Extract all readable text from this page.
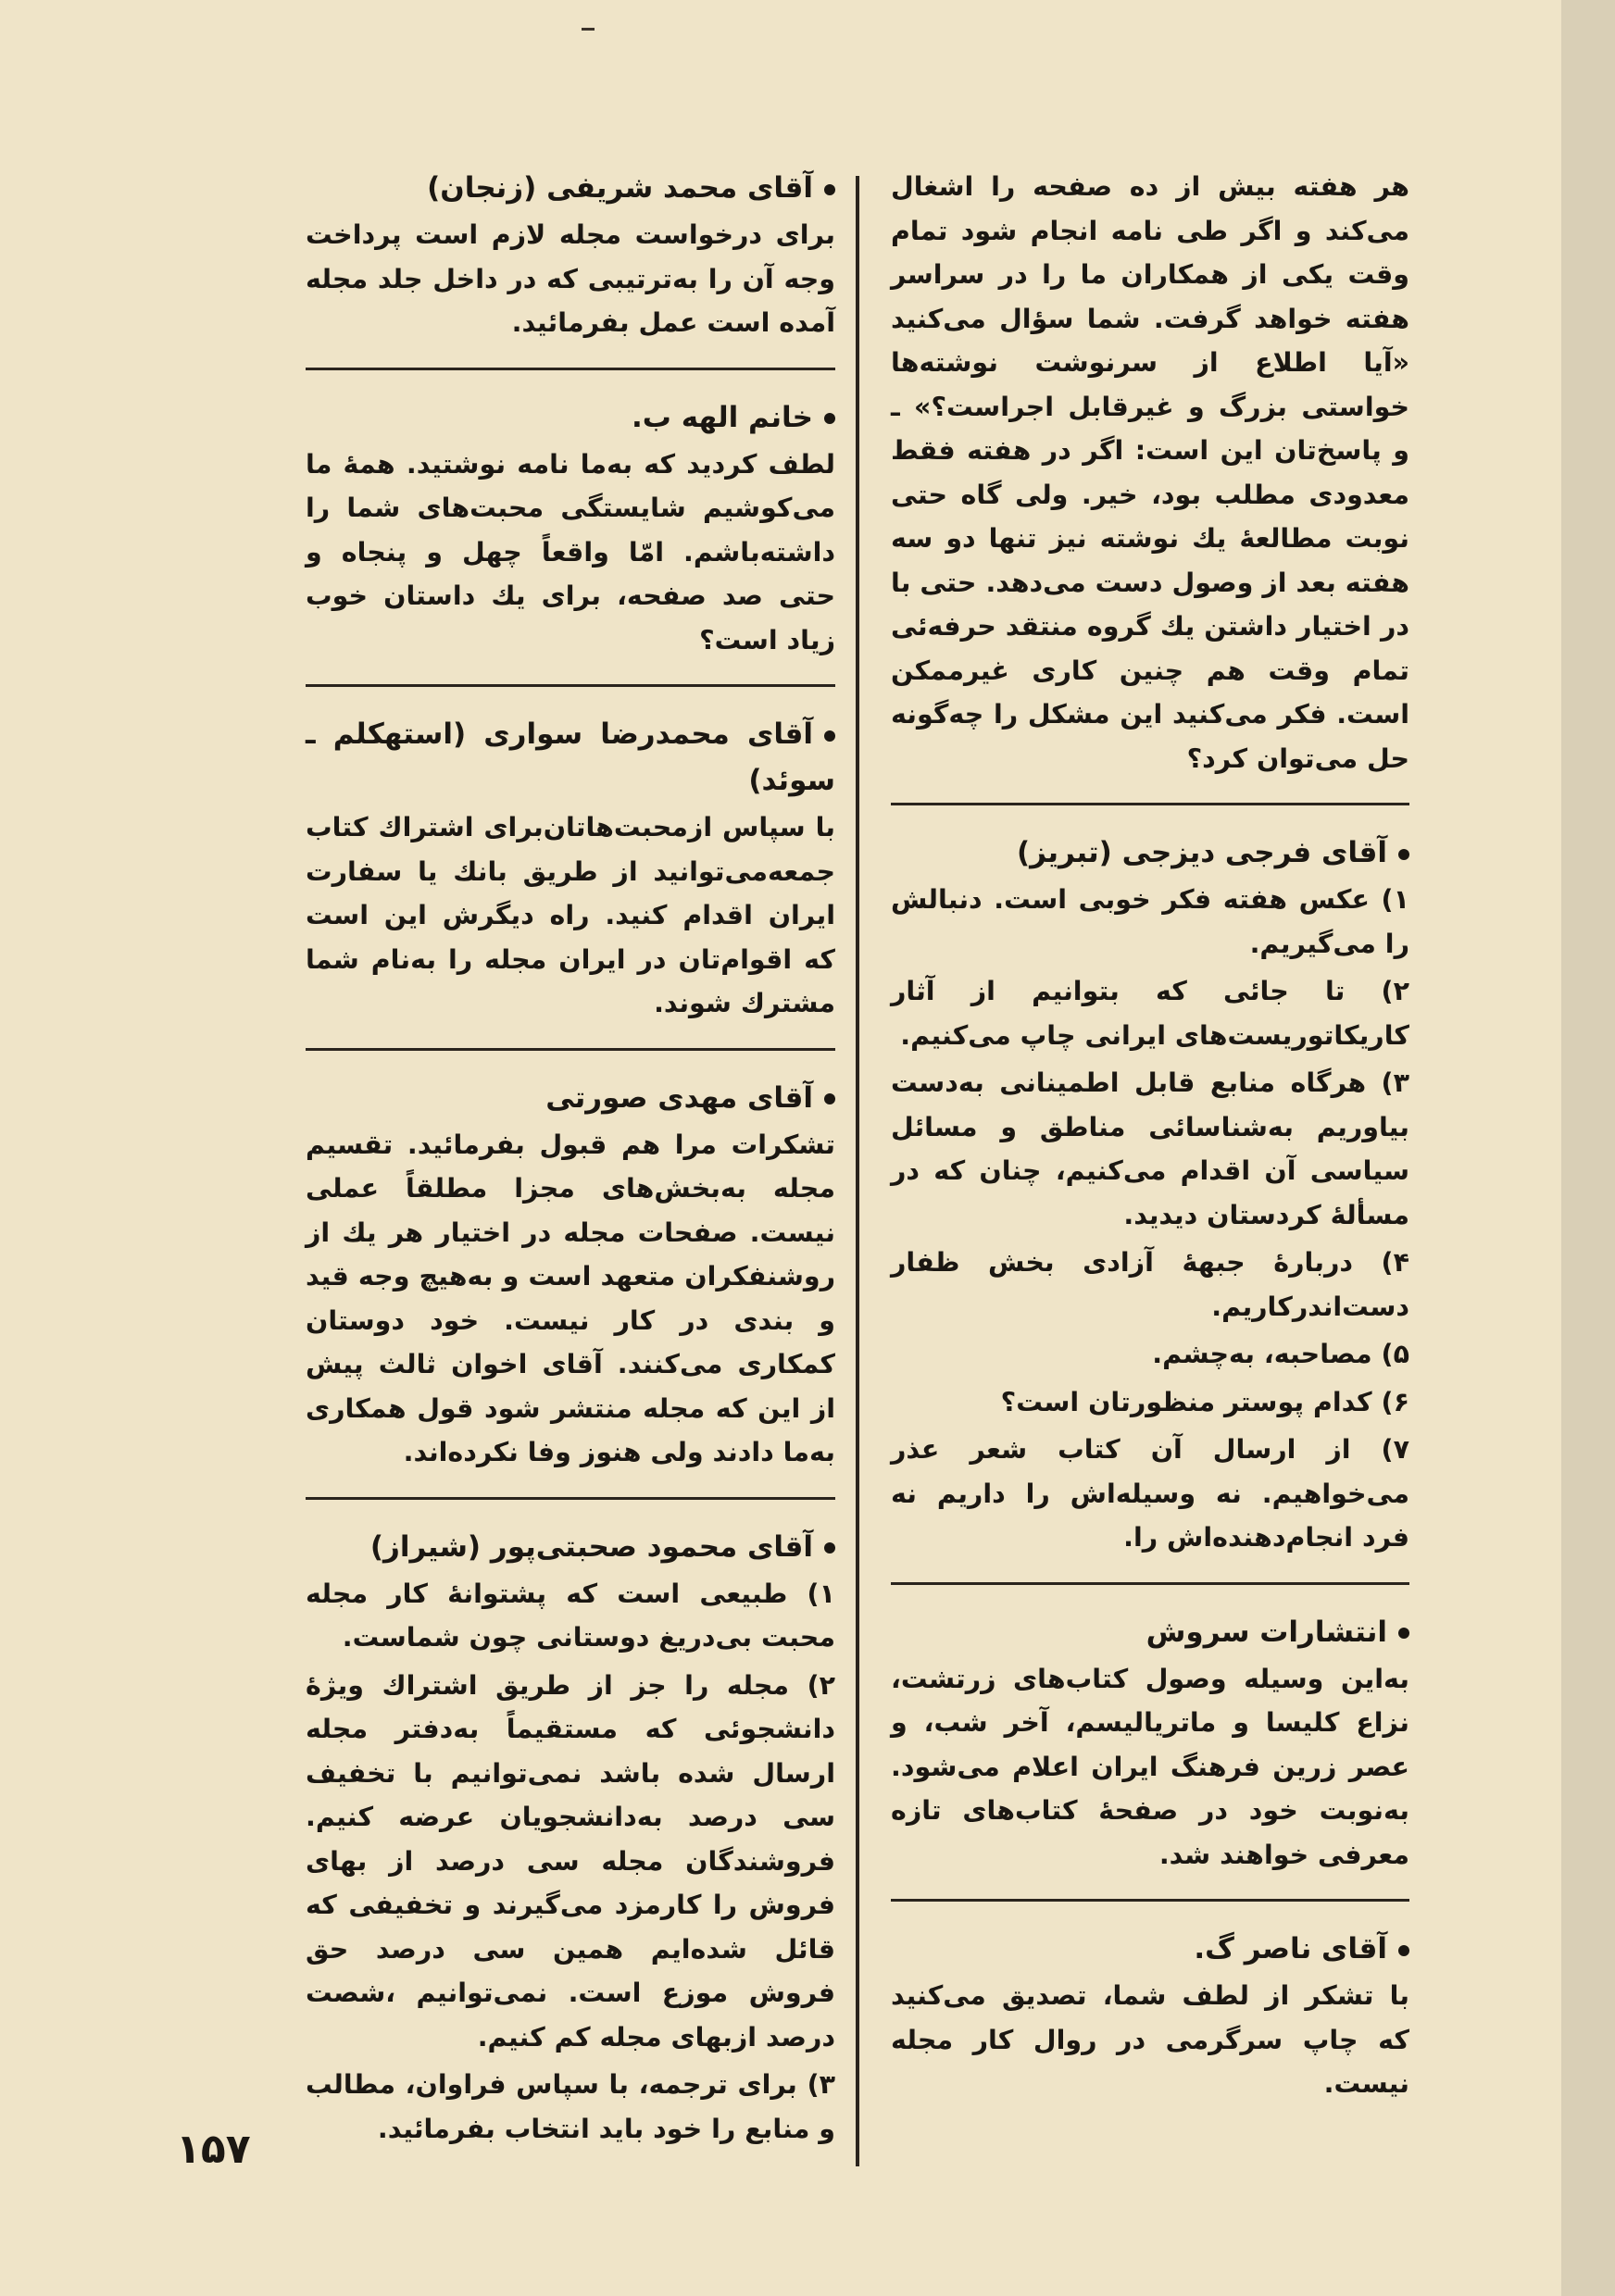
هر هفته بیش از ده صفحه را اشغال می‌کند و اگر طی نامه انجام شود تمام وقت یکی از همکاران ما را در سراسر هفته خواهد گرفت. شما سؤال می‌کنید «آیا اطلاع از سرنوشت نوشته‌ها خواستی بزرگ و غیرقابل اجراست؟» ـ و پاسخ‌تان این است: اگر در هفته فقط معدودی مطلب بود، خیر. ولی گاه حتی نوبت مطالعهٔ یك نوشته نیز تنها دو سه هفته بعد از وصول دست می‌دهد. حتی با در اختیار داشتن یك گروه منتقد حرفه‌ئی تمام وقت هم چنین کاری غیرممکن است. فکر می‌کنید این مشکل را چه‌گونه حل می‌توان کرد؟

آقای فرجی دیزجی (تبریز)

۱) عکس هفته فکر خوبی است. دنبالش را می‌گیریم.

۲) تا جائی که بتوانیم از آثار کاریکاتوریست‌های ایرانی چاپ می‌کنیم.

۳) هرگاه منابع قابل اطمینانی به‌دست بیاوریم به‌شناسائی مناطق و مسائل سیاسی آن اقدام می‌کنیم، چنان که در مسألهٔ کردستان دیدید.

۴) دربارهٔ جبههٔ آزادی بخش ظفار دست‌اندرکاریم.

۵) مصاحبه، به‌چشم.

۶) کدام پوستر منظورتان است؟

۷) از ارسال آن کتاب شعر عذر می‌خواهیم. نه وسیله‌اش را داریم نه فرد انجام‌دهنده‌اش را.

انتشارات سروش

به‌این وسیله وصول کتاب‌های زرتشت، نزاع کلیسا و ماتریالیسم، آخر شب، و عصر زرین فرهنگ ایران اعلام می‌شود. به‌نوبت خود در صفحهٔ کتاب‌های تازه معرفی خواهند شد.

آقای ناصر گ.

با تشکر از لطف شما، تصدیق می‌کنید که چاپ سرگرمی در روال کار مجله نیست.

آقای محمد شریفی (زنجان)

برای درخواست مجله لازم است پرداخت وجه آن را به‌ترتیبی که در داخل جلد مجله آمده است عمل بفرمائید.

خانم الهه ب.

لطف کردید که به‌ما نامه نوشتید. همهٔ ما می‌کوشیم شایستگی محبت‌های شما را داشته‌باشم. امّا واقعاً چهل و پنجاه و حتی صد صفحه، برای یك داستان خوب زیاد است؟

آقای محمدرضا سواری (استهکلم ـ سوئد)

با سپاس ازمحبت‌هاتان‌برای اشتراك کتاب جمعه‌می‌توانید از طریق بانك یا سفارت ایران اقدام کنید. راه دیگرش این است که اقوام‌تان در ایران مجله را به‌نام شما مشترك شوند.

آقای مهدی صورتی

تشکرات مرا هم قبول بفرمائید. تقسیم مجله به‌بخش‌های مجزا مطلقاً عملی نیست. صفحات مجله در اختیار هر یك از روشنفکران متعهد است و به‌هیچ وجه قید و بندی در کار نیست. خود دوستان کمکاری می‌کنند. آقای اخوان ثالث پیش از این که مجله منتشر شود قول همکاری به‌ما دادند ولی هنوز وفا نکرده‌اند.

آقای محمود صحبتی‌پور (شیراز)

۱) طبیعی است که پشتوانهٔ کار مجله محبت بی‌دریغ دوستانی چون شماست.

۲) مجله را جز از طریق اشتراك ویژهٔ دانشجوئی که مستقیماً به‌دفتر مجله ارسال شده باشد نمی‌توانیم با تخفیف سی درصد به‌دانشجویان عرضه کنیم. فروشندگان مجله سی درصد از بهای فروش را کارمزد می‌گیرند و تخفیفی که قائل شده‌ایم همین سی درصد حق فروش موزع است. نمی‌توانیم ،شصت درصد ازبهای مجله کم کنیم.

۳) برای ترجمه، با سپاس فراوان، مطالب و منابع را خود باید انتخاب بفرمائید.

۱۵۷
